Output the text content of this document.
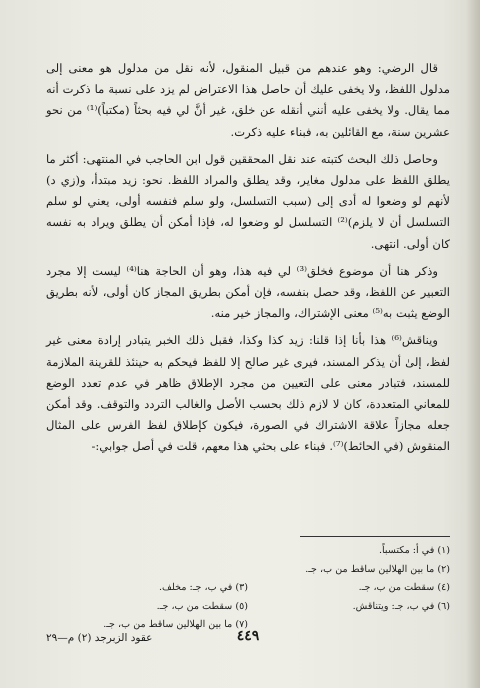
قال الرضي: وهو عندهم من قبيل المنقول، لأنه نقل من مدلول هو معنى إلى مدلول اللفظ، ولا يخفى عليك أن حاصل هذا الاعتراض لم يزد على نسبة ما ذكرت أنه مما يقال. ولا يخفى عليه أنني أنقله عن خلق، غير أنَّ لي فيه بحثاً (مكتباً)⁽¹⁾ من نحو عشرين سنة، مع القائلين به، فبناء عليه ذكرت.

وحاصل ذلك البحث كتبته عند نقل المحققين قول ابن الحاجب في المنتهى: أكثر ما يطلق اللفظ على مدلول مغاير، وقد يطلق والمراد اللفظ. نحو: زيد مبتدأ، و(زي د) لأنهم لو وضعوا له أدى إلى (سبب التسلسل، ولو سلم فنفسه أولى، يعني لو سلم التسلسل أن لا يلزم)⁽²⁾ التسلسل لو وضعوا له، فإذا أمكن أن يطلق ويراد به نفسه كان أولى. انتهى.

وذكر هنا أن موضوع فخلق⁽³⁾ لي فيه هذا، وهو أن الحاجة هنا⁽⁴⁾ ليست إلا مجرد التعبير عن اللفظ، وقد حصل بنفسه، فإن أمكن بطريق المجاز كان أولى، لأنه بطريق الوضع يثبت به⁽⁵⁾ معنى الإشتراك، والمجاز خير منه.

ويناقش⁽⁶⁾ هذا بأنا إذا قلنا: زيد كذا وكذا، فقبل ذلك الخبر يتبادر إرادة معنى غير لفظ، إلىٰ أن يذكر المسند، فيرى غير صالح إلا للفظ فيحكم به حينئذ للقرينة الملازمة للمسند، فتبادر معنى على التعيين من مجرد الإطلاق ظاهر في عدم تعدد الوضع للمعاني المتعددة، كان لا لازم ذلك بحسب الأصل والغالب التردد والتوقف. وقد أمكن جعله مجازاً علاقة الاشتراك في الصورة، فيكون كإطلاق لفظ الفرس على المثال المنقوش (في الحائط)⁽⁷⁾. فبناء على بحثي هذا معهم، قلت في أصل جوابي:-

(١) في أ: مكتسباً.
(٢) ما بين الهلالين ساقط من ب، جـ.
(٤) سقطت من ب، جـ.
(٣) في ب، جـ: مخلف.
(٦) في ب، جـ: ويتناقش.
(٥) سقطت من ب، جـ.
(٧) ما بين الهلالين ساقط من ب، جـ.
٤٤٩
عقود الزبرجد (٢) م—٢٩
